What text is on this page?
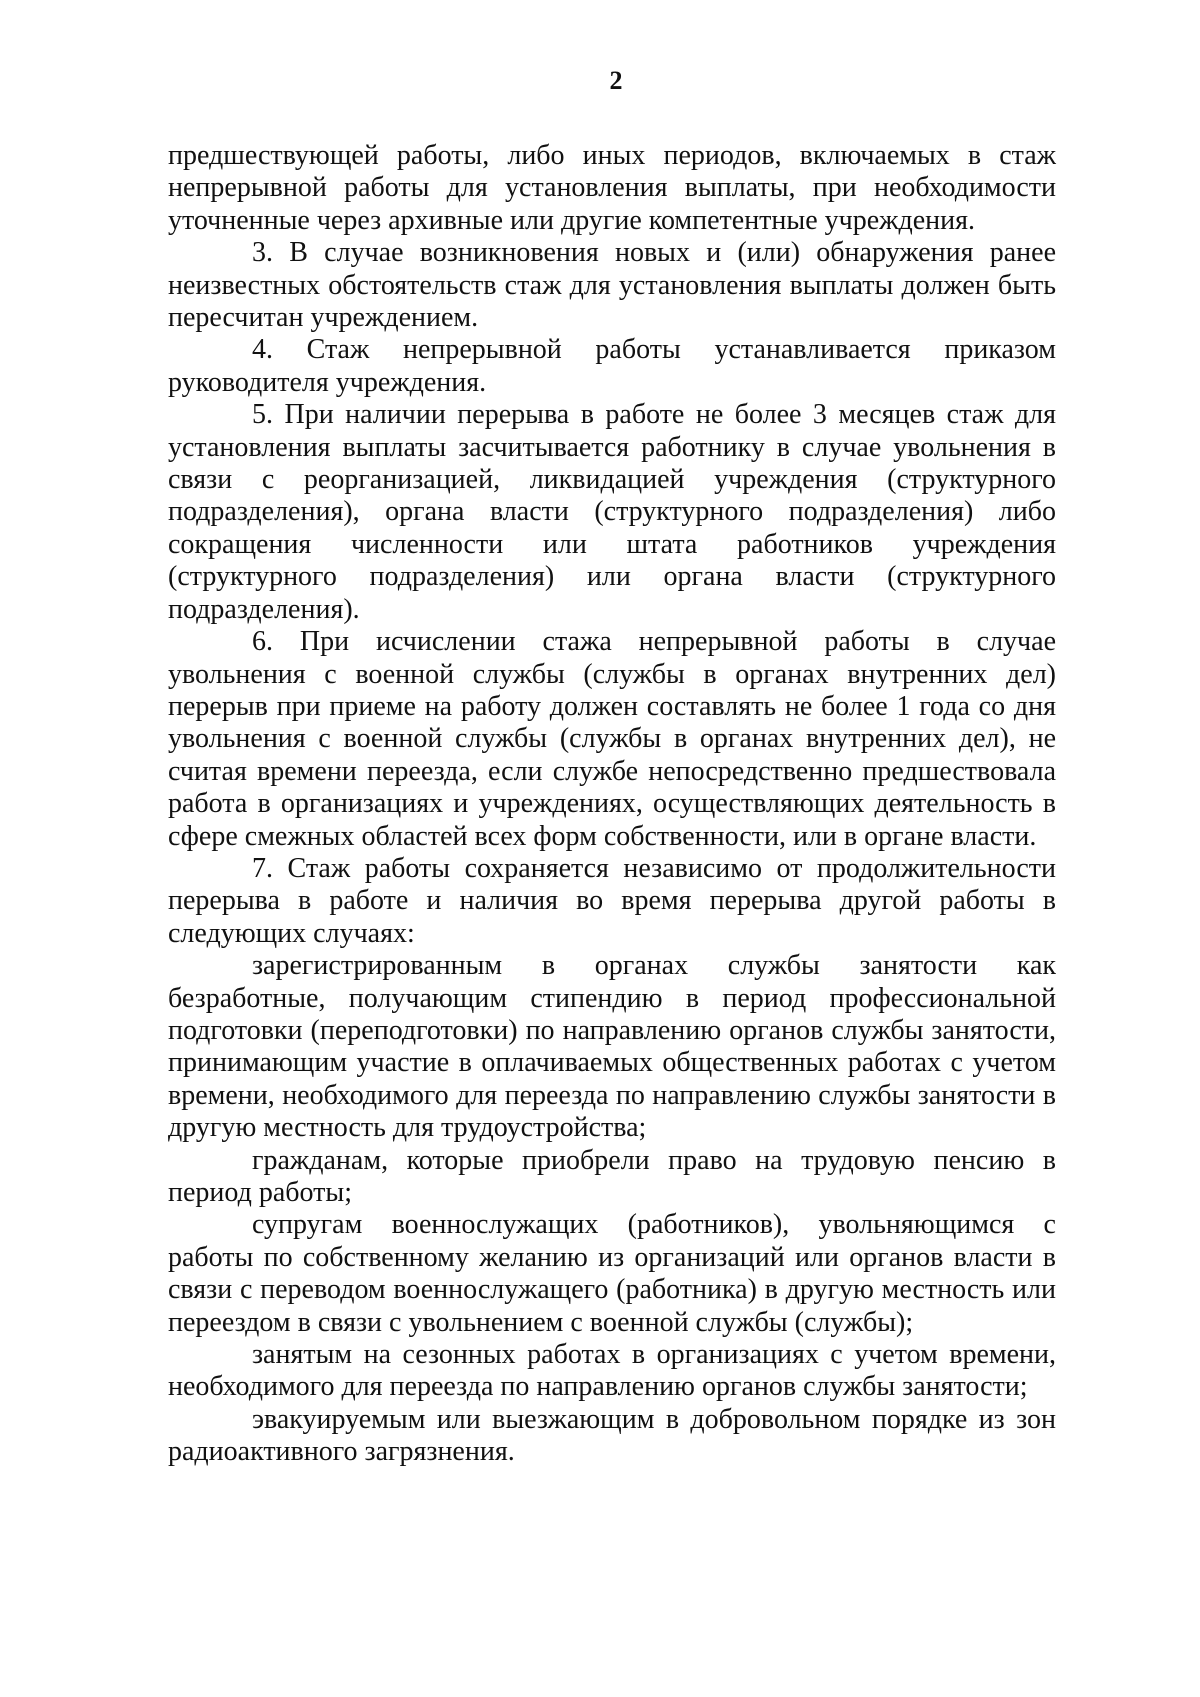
2

предшествующей работы, либо иных периодов, включаемых в стаж непрерывной работы для установления выплаты, при необходимости уточненные через архивные или другие компетентные учреждения.

3. В случае возникновения новых и (или) обнаружения ранее неизвестных обстоятельств стаж для установления выплаты должен быть пересчитан учреждением.

4. Стаж непрерывной работы устанавливается приказом руководителя учреждения.

5. При наличии перерыва в работе не более 3 месяцев стаж для установления выплаты засчитывается работнику в случае увольнения в связи с реорганизацией, ликвидацией учреждения (структурного подразделения), органа власти (структурного подразделения) либо сокращения численности или штата работников учреждения (структурного подразделения) или органа власти (структурного подразделения).

6. При исчислении стажа непрерывной работы в случае увольнения с военной службы (службы в органах внутренних дел) перерыв при приеме на работу должен составлять не более 1 года со дня увольнения с военной службы (службы в органах внутренних дел), не считая времени переезда, если службе непосредственно предшествовала работа в организациях и учреждениях, осуществляющих деятельность в сфере смежных областей всех форм собственности, или в органе власти.

7. Стаж работы сохраняется независимо от продолжительности перерыва в работе и наличия во время перерыва другой работы в следующих случаях:

зарегистрированным в органах службы занятости как безработные, получающим стипендию в период профессиональной подготовки (переподготовки) по направлению органов службы занятости, принимающим участие в оплачиваемых общественных работах с учетом времени, необходимого для переезда по направлению службы занятости в другую местность для трудоустройства;

гражданам, которые приобрели право на трудовую пенсию в период работы;

супругам военнослужащих (работников), увольняющимся с работы по собственному желанию из организаций или органов власти в связи с переводом военнослужащего (работника) в другую местность или переездом в связи с увольнением с военной службы (службы);

занятым на сезонных работах в организациях с учетом времени, необходимого для переезда по направлению органов службы занятости;

эвакуируемым или выезжающим в добровольном порядке из зон радиоактивного загрязнения.
